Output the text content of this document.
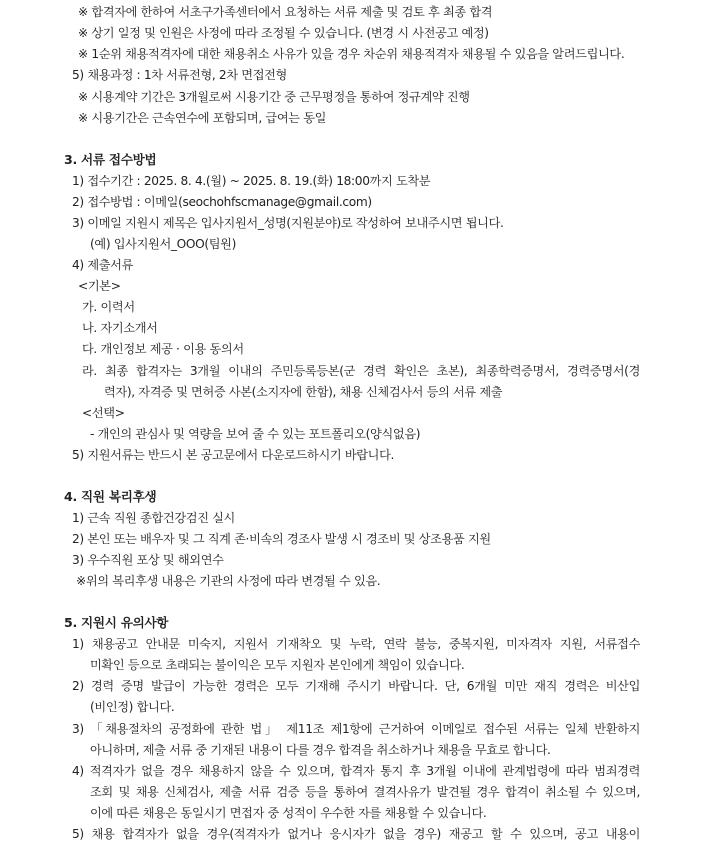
※ 합격자에 한하여 서초구가족센터에서 요청하는 서류 제출 및 검토 후 최종 합격
※ 상기 일정 및 인원은 사정에 따라 조정될 수 있습니다. (변경 시 사전공고 예정)
※ 1순위 채용적격자에 대한 채용취소 사유가 있을 경우 차순위 채용적격자 채용될 수 있음을 알려드립니다.
5) 채용과정 : 1차 서류전형, 2차 면접전형
※ 시용계약 기간은 3개월로써 시용기간 중 근무평정을 통하여 정규계약 진행
※ 시용기간은 근속연수에 포함되며, 급여는 동일
3. 서류 접수방법
1) 접수기간 : 2025. 8. 4.(월) ~ 2025. 8. 19.(화) 18:00까지 도착분
2) 접수방법 : 이메일(seochohfscmanage@gmail.com)
3) 이메일 지원시 제목은 입사지원서_성명(지원분야)로 작성하여 보내주시면 됩니다.
(예) 입사지원서_OOO(팀원)
4) 제출서류
<기본>
가. 이력서
나. 자기소개서
다. 개인정보 제공 · 이용 동의서
라. 최종 합격자는 3개월 이내의 주민등록등본(군 경력 확인은 초본), 최종학력증명서, 경력증명서(경
력자), 자격증 및 면허증 사본(소지자에 한함), 채용 신체검사서 등의 서류 제출
<선택>
- 개인의 관심사 및 역량을 보여 줄 수 있는 포트폴리오(양식없음)
5) 지원서류는 반드시 본 공고문에서 다운로드하시기 바랍니다.
4. 직원 복리후생
1) 근속 직원 종합건강검진 실시
2) 본인 또는 배우자 및 그 직계 존·비속의 경조사 발생 시 경조비 및 상조용품 지원
3) 우수직원 포상 및 해외연수
※위의 복리후생 내용은 기관의 사정에 따라 변경될 수 있음.
5. 지원시 유의사항
1) 채용공고 안내문 미숙지, 지원서 기재착오 및 누락, 연락 불능, 중복지원, 미자격자 지원, 서류접수
미확인 등으로 초래되는 불이익은 모두 지원자 본인에게 책임이 있습니다.
2) 경력 증명 발급이 가능한 경력은 모두 기재해 주시기 바랍니다. 단, 6개월 미만 재직 경력은 비산입
(비인정) 합니다.
3) 「채용절차의 공정화에 관한 법」 제11조 제1항에 근거하여 이메일로 접수된 서류는 일체 반환하지
아니하며, 제출 서류 중 기재된 내용이 다를 경우 합격을 취소하거나 채용을 무효로 합니다.
4) 적격자가 없을 경우 채용하지 않을 수 있으며, 합격자 통지 후 3개월 이내에 관계법령에 따라 범죄경력
조회 및 채용 신체검사, 제출 서류 검증 등을 통하여 결격사유가 발견될 경우 합격이 취소될 수 있으며,
이에 따른 채용은 동일시기 면접자 중 성적이 우수한 자를 채용할 수 있습니다.
5) 채용 합격자가 없을 경우(적격자가 없거나 응시자가 없을 경우) 재공고 할 수 있으며, 공고 내용이
